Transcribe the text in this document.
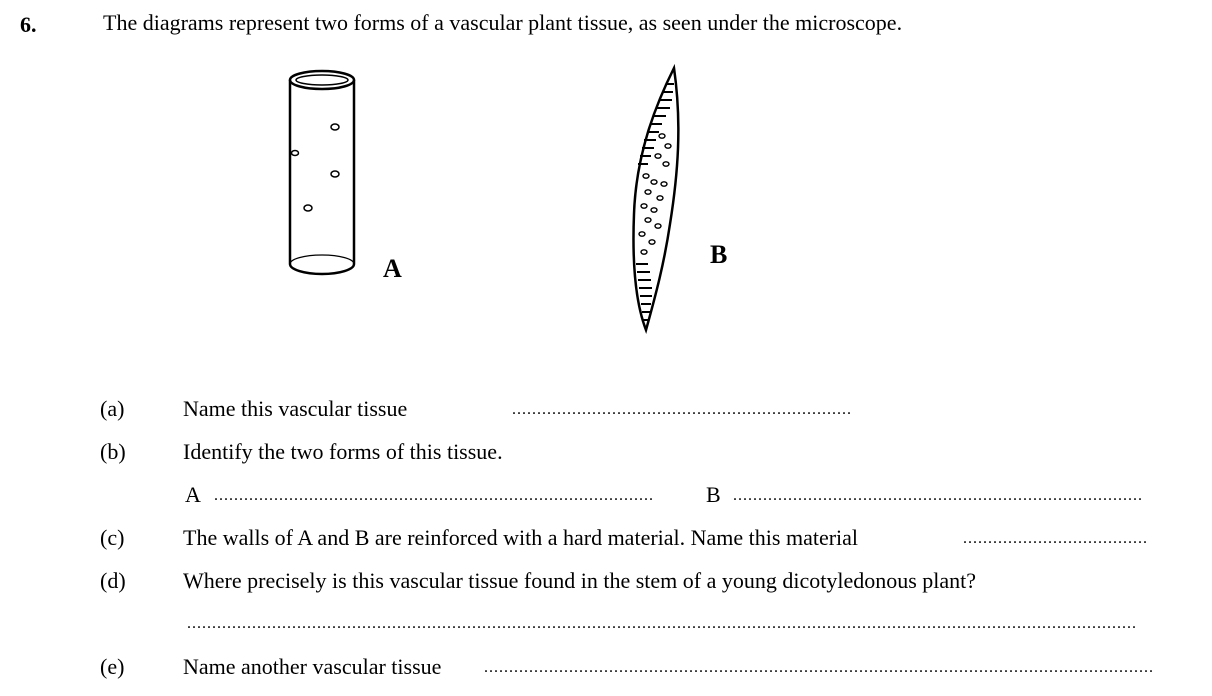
6.	The diagrams represent two forms of a vascular plant tissue, as seen under the microscope.
A	B
(a)	Name this vascular tissue	....................................................................
(b)	Identify the two forms of this tissue.
A ........................................................................................	B ..................................................................................
(c)	The walls of A and B are reinforced with a hard material. Name this material	.....................................
(d)	Where precisely is this vascular tissue found in the stem of a young dicotyledonous plant?
..............................................................................................................................................................................................
(e)	Name another vascular tissue	......................................................................................................................................
